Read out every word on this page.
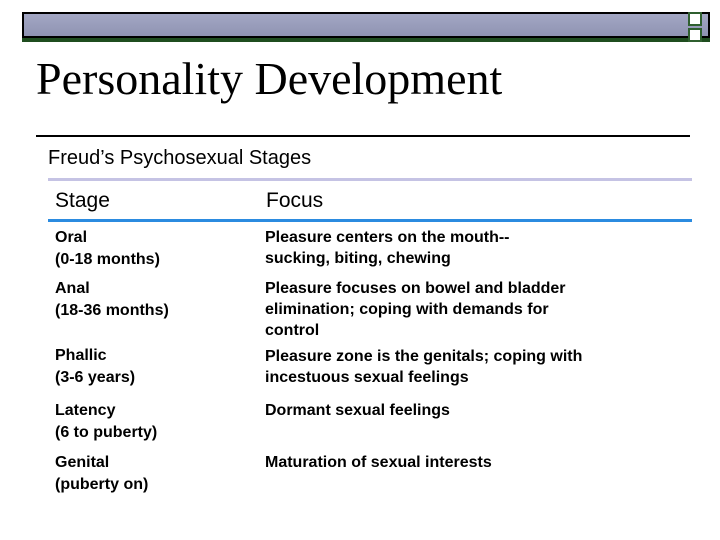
Personality Development
Freud’s Psychosexual Stages
Stage	Focus
Oral
(0-18 months)
Pleasure centers on the mouth--
sucking, biting, chewing
Anal
(18-36 months)
Pleasure focuses on bowel and bladder
elimination; coping with demands for
control
Phallic
(3-6 years)
Pleasure zone is the genitals; coping with
incestuous sexual feelings
Latency
(6 to puberty)
Dormant sexual feelings
Genital
(puberty on)
Maturation of sexual interests
